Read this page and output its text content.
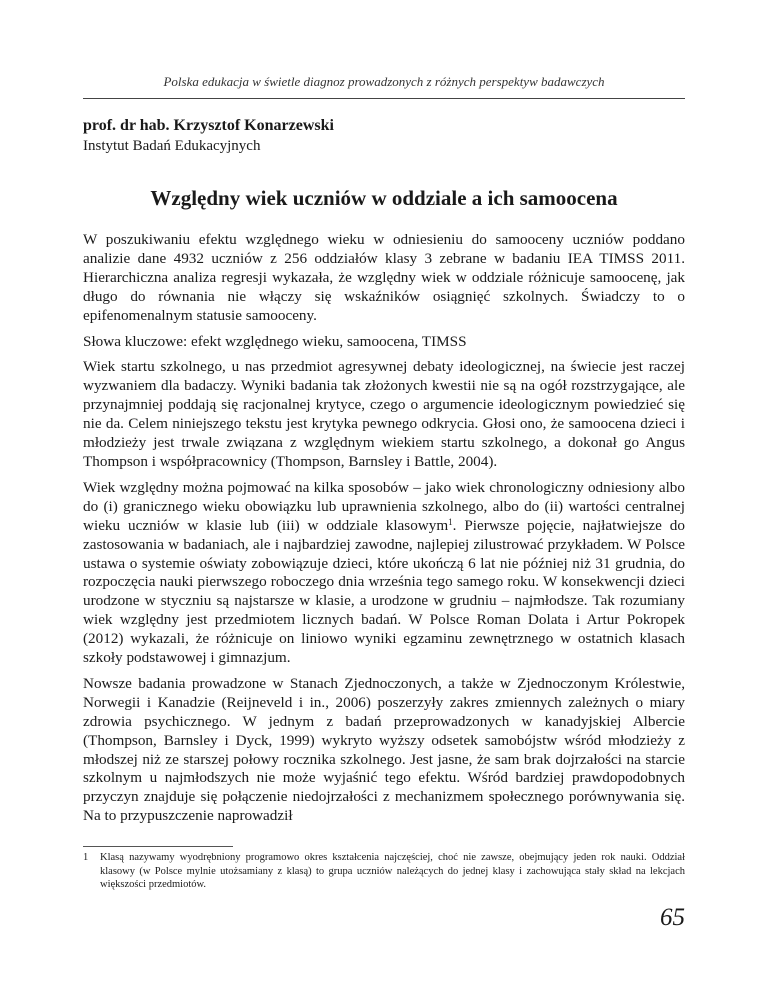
Polska edukacja w świetle diagnoz prowadzonych z różnych perspektyw badawczych
prof. dr hab. Krzysztof Konarzewski
Instytut Badań Edukacyjnych
Względny wiek uczniów w oddziale a ich samoocena

W poszukiwaniu efektu względnego wieku w odniesieniu do samooceny uczniów poddano analizie dane 4932 uczniów z 256 oddziałów klasy 3 zebrane w badaniu IEA TIMSS 2011. Hierarchiczna analiza regresji wykazała, że względny wiek w oddziale różnicuje samoocenę, jak długo do równania nie włączy się wskaźników osiągnięć szkolnych. Świadczy to o epifenomenalnym statusie samooceny.

Słowa kluczowe: efekt względnego wieku, samoocena, TIMSS

Wiek startu szkolnego, u nas przedmiot agresywnej debaty ideologicznej, na świecie jest raczej wyzwaniem dla badaczy. Wyniki badania tak złożonych kwestii nie są na ogół rozstrzygające, ale przynajmniej poddają się racjonalnej krytyce, czego o argumencie ideologicznym powiedzieć się nie da. Celem niniejszego tekstu jest krytyka pewnego odkrycia. Głosi ono, że samoocena dzieci i młodzieży jest trwale związana z względnym wiekiem startu szkolnego, a dokonał go Angus Thompson i współpracownicy (Thompson, Barnsley i Battle, 2004).

Wiek względny można pojmować na kilka sposobów – jako wiek chronologiczny odniesiony albo do (i) granicznego wieku obowiązku lub uprawnienia szkolnego, albo do (ii) wartości centralnej wieku uczniów w klasie lub (iii) w oddziale klasowym$^1$. Pierwsze pojęcie, najłatwiejsze do zastosowania w badaniach, ale i najbardziej zawodne, najlepiej zilustrować przykładem. W Polsce ustawa o systemie oświaty zobowiązuje dzieci, które ukończą 6 lat nie później niż 31 grudnia, do rozpoczęcia nauki pierwszego roboczego dnia września tego samego roku. W konsekwencji dzieci urodzone w styczniu są najstarsze w klasie, a urodzone w grudniu – najmłodsze. Tak rozumiany wiek względny jest przedmiotem licznych badań. W Polsce Roman Dolata i Artur Pokropek (2012) wykazali, że różnicuje on liniowo wyniki egzaminu zewnętrznego w ostatnich klasach szkoły podstawowej i gimnazjum.

Nowsze badania prowadzone w Stanach Zjednoczonych, a także w Zjednoczonym Królestwie, Norwegii i Kanadzie (Reijneveld i in., 2006) poszerzyły zakres zmiennych zależnych o miary zdrowia psychicznego. W jednym z badań przeprowadzonych w kanadyjskiej Albercie (Thompson, Barnsley i Dyck, 1999) wykryto wyższy odsetek samobójstw wśród młodzieży z młodszej niż ze starszej połowy rocznika szkolnego. Jest jasne, że sam brak dojrzałości na starcie szkolnym u najmłodszych nie może wyjaśnić tego efektu. Wśród bardziej prawdopodobnych przyczyn znajduje się połączenie niedojrzałości z mechanizmem społecznego porównywania się. Na to przypuszczenie naprowadził

1	Klasą nazywamy wyodrębniony programowo okres kształcenia najczęściej, choć nie zawsze, obejmujący jeden rok nauki. Oddział klasowy (w Polsce mylnie utożsamiany z klasą) to grupa uczniów należących do jednej klasy i zachowująca stały skład na lekcjach większości przedmiotów.
65
